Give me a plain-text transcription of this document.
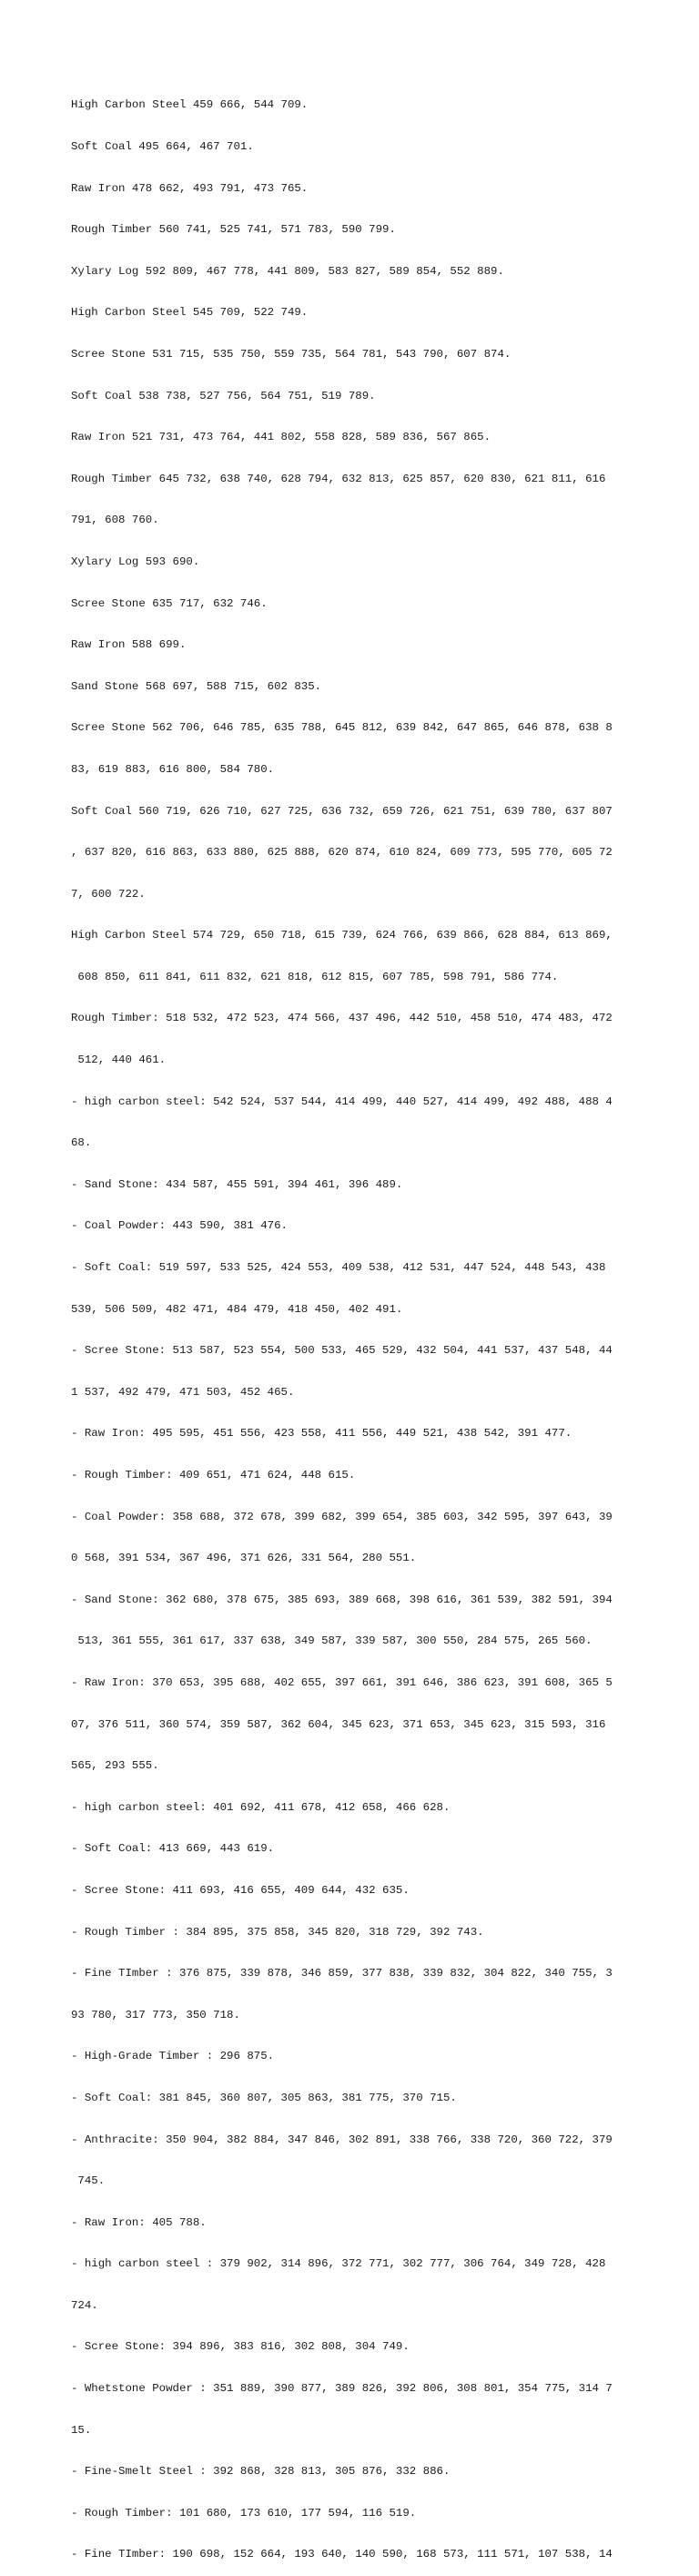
High Carbon Steel 459 666, 544 709.

Soft Coal 495 664, 467 701.

Raw Iron 478 662, 493 791, 473 765.

Rough Timber 560 741, 525 741, 571 783, 590 799.

Xylary Log 592 809, 467 778, 441 809, 583 827, 589 854, 552 889.

High Carbon Steel 545 709, 522 749.

Scree Stone 531 715, 535 750, 559 735, 564 781, 543 790, 607 874.

Soft Coal 538 738, 527 756, 564 751, 519 789.

Raw Iron 521 731, 473 764, 441 802, 558 828, 589 836, 567 865.

Rough Timber 645 732, 638 740, 628 794, 632 813, 625 857, 620 830, 621 811, 616

791, 608 760.

Xylary Log 593 690.

Scree Stone 635 717, 632 746.

Raw Iron 588 699.

Sand Stone 568 697, 588 715, 602 835.

Scree Stone 562 706, 646 785, 635 788, 645 812, 639 842, 647 865, 646 878, 638 8

83, 619 883, 616 800, 584 780.

Soft Coal 560 719, 626 710, 627 725, 636 732, 659 726, 621 751, 639 780, 637 807

, 637 820, 616 863, 633 880, 625 888, 620 874, 610 824, 609 773, 595 770, 605 72

7, 600 722.

High Carbon Steel 574 729, 650 718, 615 739, 624 766, 639 866, 628 884, 613 869,

608 850, 611 841, 611 832, 621 818, 612 815, 607 785, 598 791, 586 774.

Rough Timber: 518 532, 472 523, 474 566, 437 496, 442 510, 458 510, 474 483, 472

512, 440 461.

- high carbon steel: 542 524, 537 544, 414 499, 440 527, 414 499, 492 488, 488 4

68.

- Sand Stone: 434 587, 455 591, 394 461, 396 489.

- Coal Powder: 443 590, 381 476.

- Soft Coal: 519 597, 533 525, 424 553, 409 538, 412 531, 447 524, 448 543, 438

539, 506 509, 482 471, 484 479, 418 450, 402 491.

- Scree Stone: 513 587, 523 554, 500 533, 465 529, 432 504, 441 537, 437 548, 44

1 537, 492 479, 471 503, 452 465.

- Raw Iron: 495 595, 451 556, 423 558, 411 556, 449 521, 438 542, 391 477.

- Rough Timber: 409 651, 471 624, 448 615.

- Coal Powder: 358 688, 372 678, 399 682, 399 654, 385 603, 342 595, 397 643, 39

0 568, 391 534, 367 496, 371 626, 331 564, 280 551.

- Sand Stone: 362 680, 378 675, 385 693, 389 668, 398 616, 361 539, 382 591, 394

513, 361 555, 361 617, 337 638, 349 587, 339 587, 300 550, 284 575, 265 560.

- Raw Iron: 370 653, 395 688, 402 655, 397 661, 391 646, 386 623, 391 608, 365 5

07, 376 511, 360 574, 359 587, 362 604, 345 623, 371 653, 345 623, 315 593, 316

565, 293 555.

- high carbon steel: 401 692, 411 678, 412 658, 466 628.

- Soft Coal: 413 669, 443 619.

- Scree Stone: 411 693, 416 655, 409 644, 432 635.

- Rough Timber : 384 895, 375 858, 345 820, 318 729, 392 743.

- Fine TImber : 376 875, 339 878, 346 859, 377 838, 339 832, 304 822, 340 755, 3

93 780, 317 773, 350 718.

- High-Grade Timber : 296 875.

- Soft Coal: 381 845, 360 807, 305 863, 381 775, 370 715.

- Anthracite: 350 904, 382 884, 347 846, 302 891, 338 766, 338 720, 360 722, 379

745.

- Raw Iron: 405 788.

- high carbon steel : 379 902, 314 896, 372 771, 302 777, 306 764, 349 728, 428

724.

- Scree Stone: 394 896, 383 816, 302 808, 304 749.

- Whetstone Powder : 351 889, 390 877, 389 826, 392 806, 308 801, 354 775, 314 7

15.

- Fine-Smelt Steel : 392 868, 328 813, 305 876, 332 886.

- Rough Timber: 101 680, 173 610, 177 594, 116 519.

- Fine TImber: 190 698, 152 664, 193 640, 140 590, 168 573, 111 571, 107 538, 14
